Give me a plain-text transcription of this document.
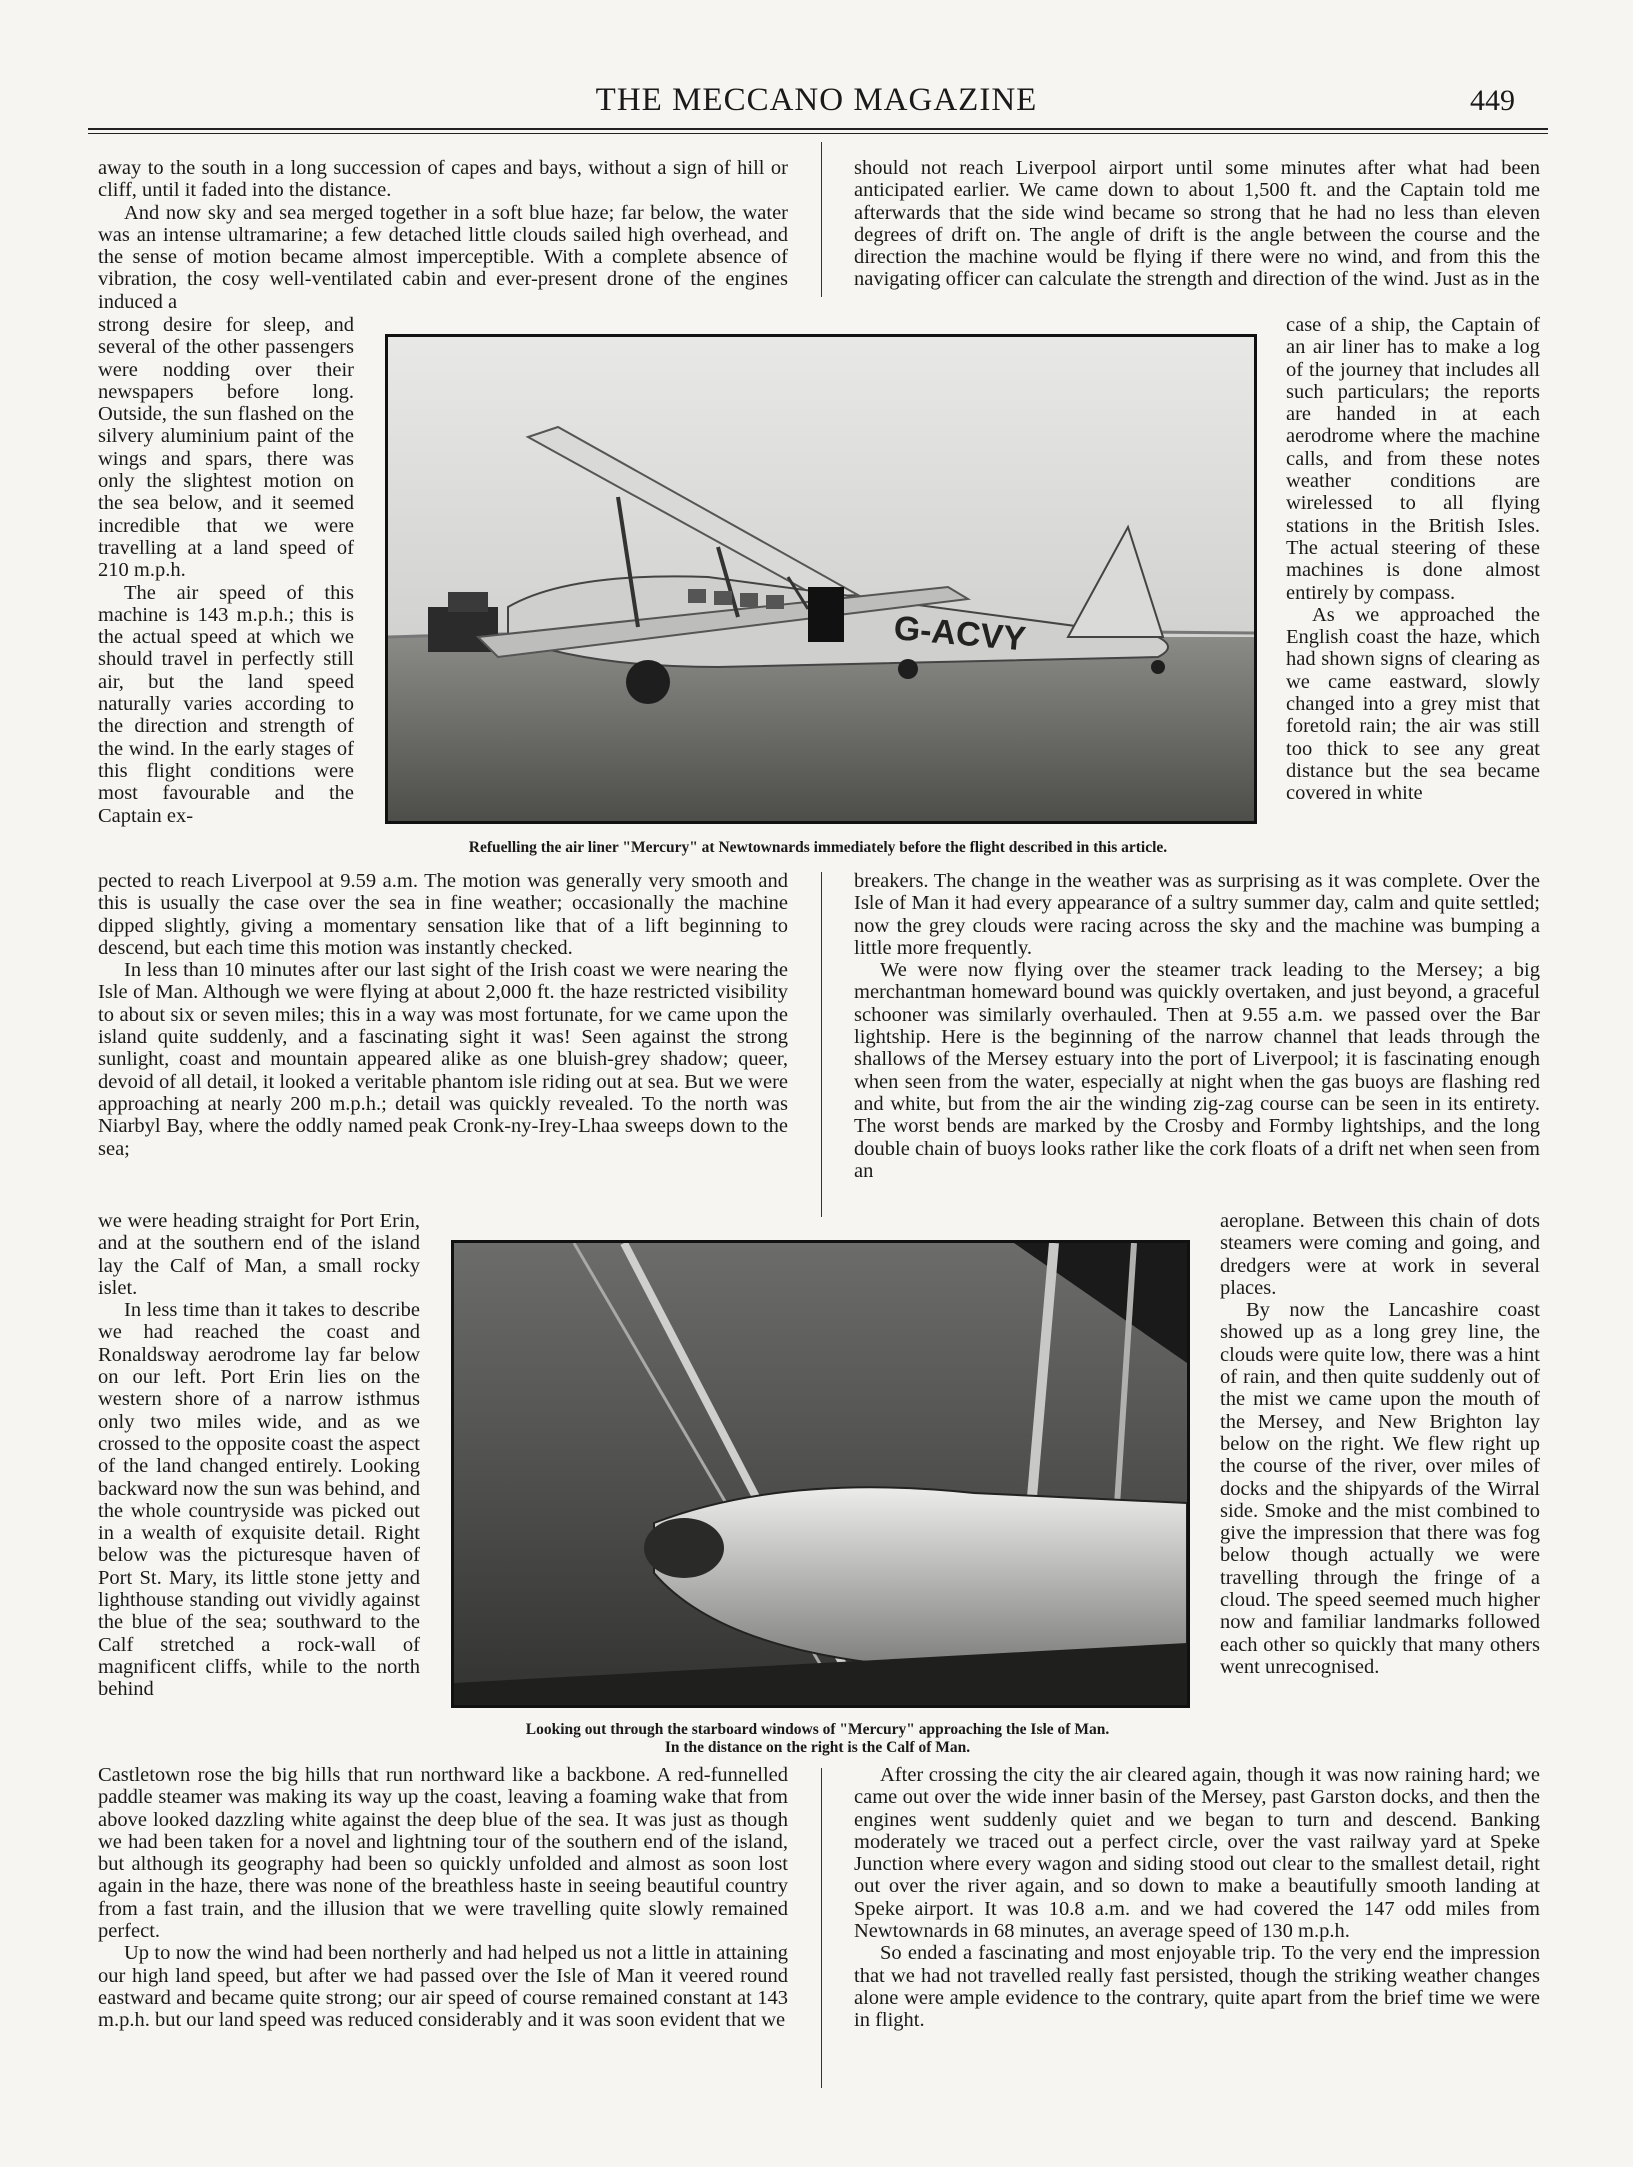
THE MECCANO MAGAZINE	449

away to the south in a long succession of capes and bays, without a sign of hill or cliff, until it faded into the distance.

And now sky and sea merged together in a soft blue haze; far below, the water was an intense ultramarine; a few detached little clouds sailed high overhead, and the sense of motion became almost imperceptible. With a complete absence of vibration, the cosy well-ventilated cabin and ever-present drone of the engines induced a

strong desire for sleep, and several of the other passengers were nodding over their newspapers before long. Outside, the sun flashed on the silvery aluminium paint of the wings and spars, there was only the slightest motion on the sea below, and it seemed incredible that we were travelling at a land speed of 210 m.p.h.

The air speed of this machine is 143 m.p.h.; this is the actual speed at which we should travel in perfectly still air, but the land speed naturally varies according to the direction and strength of the wind. In the early stages of this flight conditions were most favourable and the Captain ex-

pected to reach Liverpool at 9.59 a.m. The motion was generally very smooth and this is usually the case over the sea in fine weather; occasionally the machine dipped slightly, giving a momentary sensation like that of a lift beginning to descend, but each time this motion was instantly checked.

In less than 10 minutes after our last sight of the Irish coast we were nearing the Isle of Man. Although we were flying at about 2,000 ft. the haze restricted visibility to about six or seven miles; this in a way was most fortunate, for we came upon the island quite suddenly, and a fascinating sight it was! Seen against the strong sunlight, coast and mountain appeared alike as one bluish-grey shadow; queer, devoid of all detail, it looked a veritable phantom isle riding out at sea. But we were approaching at nearly 200 m.p.h.; detail was quickly revealed. To the north was Niarbyl Bay, where the oddly named peak Cronk-ny-Irey-Lhaa sweeps down to the sea;

we were heading straight for Port Erin, and at the southern end of the island lay the Calf of Man, a small rocky islet.

In less time than it takes to describe we had reached the coast and Ronaldsway aerodrome lay far below on our left. Port Erin lies on the western shore of a narrow isthmus only two miles wide, and as we crossed to the opposite coast the aspect of the land changed entirely. Looking backward now the sun was behind, and the whole countryside was picked out in a wealth of exquisite detail. Right below was the picturesque haven of Port St. Mary, its little stone jetty and lighthouse standing out vividly against the blue of the sea; southward to the Calf stretched a rock-wall of magnificent cliffs, while to the north behind

Castletown rose the big hills that run northward like a backbone. A red-funnelled paddle steamer was making its way up the coast, leaving a foaming wake that from above looked dazzling white against the deep blue of the sea. It was just as though we had been taken for a novel and lightning tour of the southern end of the island, but although its geography had been so quickly unfolded and almost as soon lost again in the haze, there was none of the breathless haste in seeing beautiful country from a fast train, and the illusion that we were travelling quite slowly remained perfect.

Up to now the wind had been northerly and had helped us not a little in attaining our high land speed, but after we had passed over the Isle of Man it veered round eastward and became quite strong; our air speed of course remained constant at 143 m.p.h. but our land speed was reduced considerably and it was soon evident that we

should not reach Liverpool airport until some minutes after what had been anticipated earlier. We came down to about 1,500 ft. and the Captain told me afterwards that the side wind became so strong that he had no less than eleven degrees of drift on. The angle of drift is the angle between the course and the direction the machine would be flying if there were no wind, and from this the navigating officer can calculate the strength and direction of the wind. Just as in the

case of a ship, the Captain of an air liner has to make a log of the journey that includes all such particulars; the reports are handed in at each aerodrome where the machine calls, and from these notes weather conditions are wirelessed to all flying stations in the British Isles. The actual steering of these machines is done almost entirely by compass.

As we approached the English coast the haze, which had shown signs of clearing as we came eastward, slowly changed into a grey mist that foretold rain; the air was still too thick to see any great distance but the sea became covered in white

breakers. The change in the weather was as surprising as it was complete. Over the Isle of Man it had every appearance of a sultry summer day, calm and quite settled; now the grey clouds were racing across the sky and the machine was bumping a little more frequently.

We were now flying over the steamer track leading to the Mersey; a big merchantman homeward bound was quickly overtaken, and just beyond, a graceful schooner was similarly overhauled. Then at 9.55 a.m. we passed over the Bar lightship. Here is the beginning of the narrow channel that leads through the shallows of the Mersey estuary into the port of Liverpool; it is fascinating enough when seen from the water, especially at night when the gas buoys are flashing red and white, but from the air the winding zig-zag course can be seen in its entirety. The worst bends are marked by the Crosby and Formby lightships, and the long double chain of buoys looks rather like the cork floats of a drift net when seen from an

aeroplane. Between this chain of dots steamers were coming and going, and dredgers were at work in several places.

By now the Lancashire coast showed up as a long grey line, the clouds were quite low, there was a hint of rain, and then quite suddenly out of the mist we came upon the mouth of the Mersey, and New Brighton lay below on the right. We flew right up the course of the river, over miles of docks and the shipyards of the Wirral side. Smoke and the mist combined to give the impression that there was fog below though actually we were travelling through the fringe of a cloud. The speed seemed much higher now and familiar landmarks followed each other so quickly that many others went unrecognised.

After crossing the city the air cleared again, though it was now raining hard; we came out over the wide inner basin of the Mersey, past Garston docks, and then the engines went suddenly quiet and we began to turn and descend. Banking moderately we traced out a perfect circle, over the vast railway yard at Speke Junction where every wagon and siding stood out clear to the smallest detail, right out over the river again, and so down to make a beautifully smooth landing at Speke airport. It was 10.8 a.m. and we had covered the 147 odd miles from Newtownards in 68 minutes, an average speed of 130 m.p.h.

So ended a fascinating and most enjoyable trip. To the very end the impression that we had not travelled really fast persisted, though the striking weather changes alone were ample evidence to the contrary, quite apart from the brief time we were in flight.

G-ACVY
Refuelling the air liner "Mercury" at Newtownards immediately before the flight described in this article.
Looking out through the starboard windows of "Mercury" approaching the Isle of Man.
In the distance on the right is the Calf of Man.
